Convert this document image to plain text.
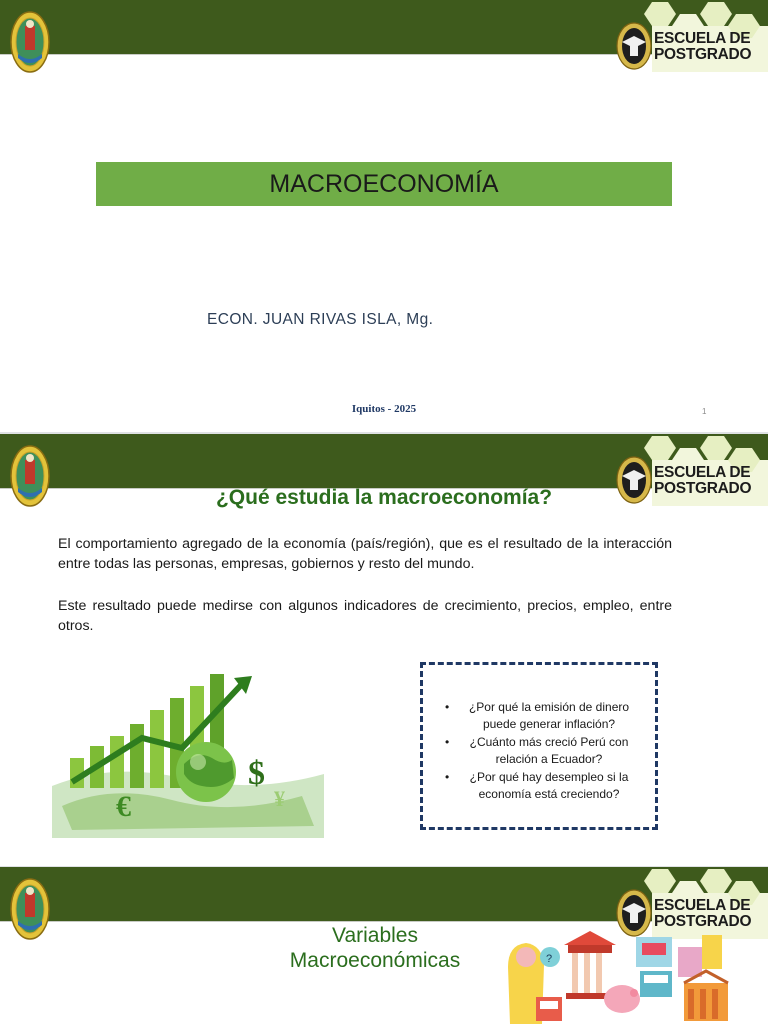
ESCUELA DE
POSTGRADO
MACROECONOMÍA
ECON. JUAN RIVAS ISLA, Mg.
Iquitos - 2025	1
ESCUELA DE
POSTGRADO
¿Qué estudia la macroeconomía?
El comportamiento agregado de la economía (país/región), que es el resultado de la interacción entre todas las personas, empresas, gobiernos y resto del mundo.
Este resultado puede medirse con algunos indicadores de crecimiento, precios, empleo, entre otros.
$
¥
€
• ¿Por qué la emisión de dinero puede generar inflación?
• ¿Cuánto más creció Perú con relación a Ecuador?
• ¿Por qué hay desempleo si la economía está creciendo?
ESCUELA DE
POSTGRADO
Variables
Macroeconómicas	?
